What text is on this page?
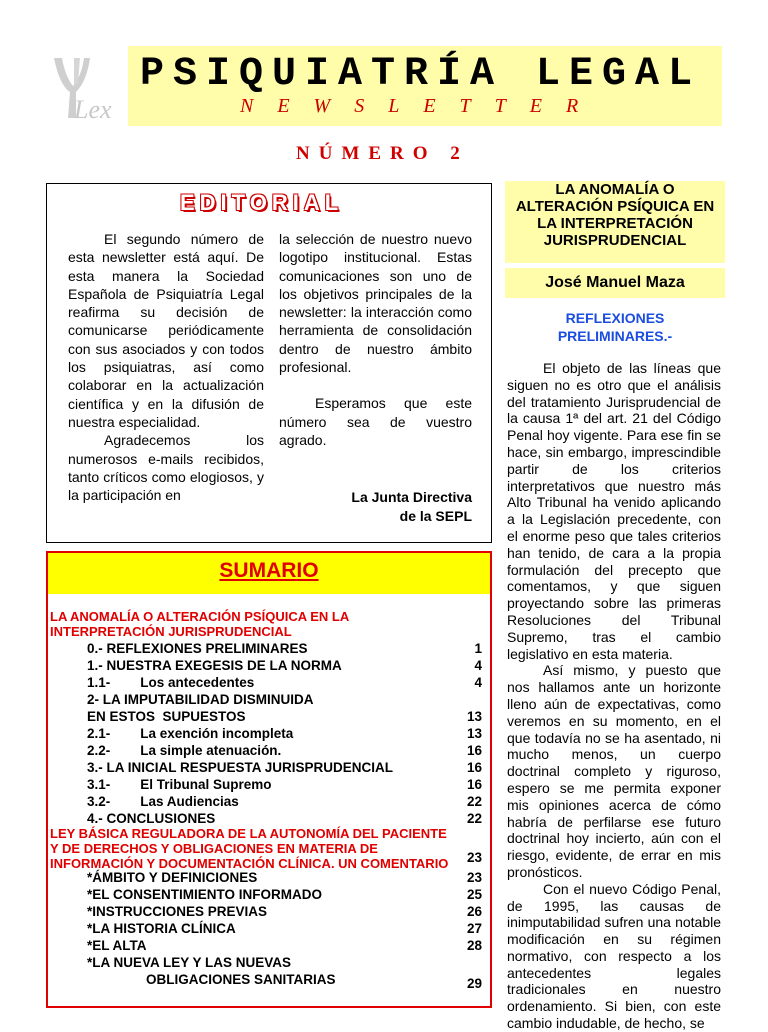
Lex
PSIQUIATRÍA LEGAL
NEWSLETTER
NÚMERO 2
EDITORIAL

El segundo número de esta newsletter está aquí. De esta manera la Sociedad Española de Psiquiatría Legal reafirma su decisión de comunicarse periódicamente con sus asociados y con todos los psiquiatras, así como colaborar en la actualización científica y en la difusión de nuestra especialidad.

Agradecemos los numerosos e-mails recibidos, tanto críticos como elogiosos, y la participación en

la selección de nuestro nuevo logotipo institucional. Estas comunicaciones son uno de los objetivos principales de la newsletter: la interacción como herramienta de consolidación dentro de nuestro ámbito profesional.

Esperamos que este número sea de vuestro agrado.

La Junta Directiva
de la SEPL
SUMARIO
LA ANOMALÍA O ALTERACIÓN PSÍQUICA EN LA INTERPRETACIÓN JURISPRUDENCIAL
0.- REFLEXIONES PRELIMINARES	1
1.- NUESTRA EXEGESIS DE LA NORMA	4
1.1-        Los antecedentes	4
2- LA IMPUTABILIDAD DISMINUIDA
EN ESTOS  SUPUESTOS	13
2.1-        La exención incompleta	13
2.2-        La simple atenuación.	16
3.- LA INICIAL RESPUESTA JURISPRUDENCIAL	16
3.1-        El Tribunal Supremo	16
3.2-        Las Audiencias	22
4.- CONCLUSIONES	22
LEY BÁSICA REGULADORA DE LA AUTONOMÍA DEL PACIENTE Y DE DERECHOS Y OBLIGACIONES EN MATERIA DE INFORMACIÓN Y DOCUMENTACIÓN CLÍNICA. UN COMENTARIO	23
*ÁMBITO Y DEFINICIONES	23
*EL CONSENTIMIENTO INFORMADO	25
*INSTRUCCIONES PREVIAS	26
*LA HISTORIA CLÍNICA	27
*EL ALTA	28
*LA NUEVA LEY Y LAS NUEVAS
OBLIGACIONES SANITARIAS	29
LA ANOMALÍA O ALTERACIÓN PSÍQUICA EN LA INTERPRETACIÓN JURISPRUDENCIAL
José Manuel Maza
REFLEXIONES PRELIMINARES.-

El objeto de las líneas que siguen no es otro que el análisis del tratamiento Jurisprudencial de la causa 1ª del art. 21 del Código Penal hoy vigente. Para ese fin se hace, sin embargo, imprescindible partir de los criterios interpretativos que nuestro más Alto Tribunal ha venido aplicando a la Legislación precedente, con el enorme peso que tales criterios han tenido, de cara a la propia formulación del precepto que comentamos, y que siguen proyectando sobre las primeras Resoluciones del Tribunal Supremo, tras el cambio legislativo en esta materia.

Así mismo, y puesto que nos hallamos ante un horizonte lleno aún de expectativas, como veremos en su momento, en el que todavía no se ha asentado, ni mucho menos, un cuerpo doctrinal completo y riguroso, espero se me permita exponer mis opiniones acerca de cómo habría de perfilarse ese futuro doctrinal hoy incierto, aún con el riesgo, evidente, de errar en mis pronósticos.

Con el nuevo Código Penal, de 1995, las causas de inimputabilidad sufren una notable modificación en su régimen normativo, con respecto a los antecedentes legales tradicionales en nuestro ordenamiento. Si bien, con este cambio indudable, de hecho, se
